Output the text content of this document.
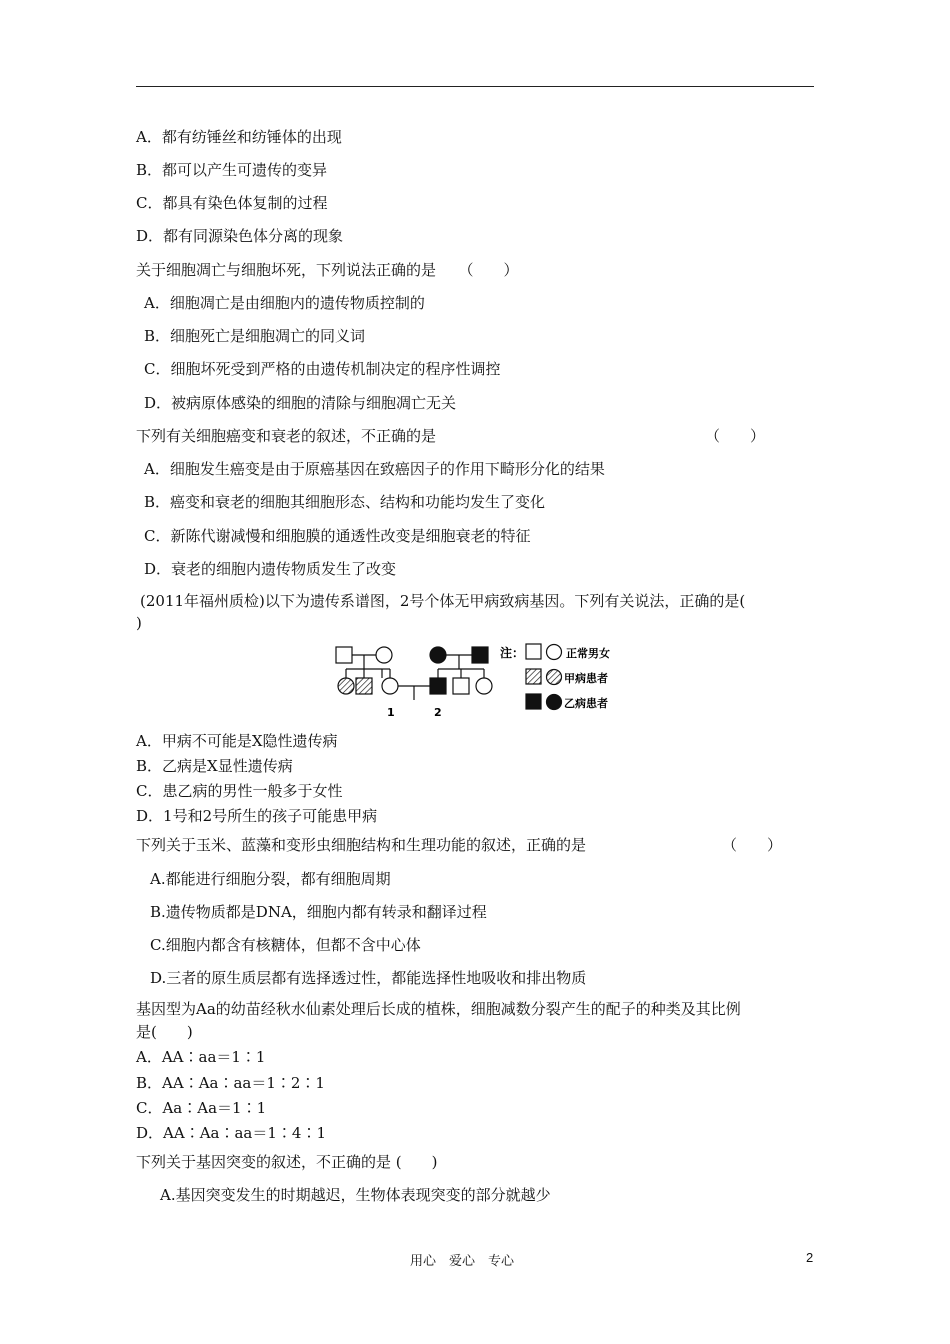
A．都有纺锤丝和纺锤体的出现
B．都可以产生可遗传的变异
C．都具有染色体复制的过程
D．都有同源染色体分离的现象
关于细胞凋亡与细胞坏死，下列说法正确的是　　（　　）
A．细胞凋亡是由细胞内的遗传物质控制的
B．细胞死亡是细胞凋亡的同义词
C．细胞坏死受到严格的由遗传机制决定的程序性调控
D．被病原体感染的细胞的清除与细胞凋亡无关
下列有关细胞癌变和衰老的叙述，不正确的是	（　　）
A．细胞发生癌变是由于原癌基因在致癌因子的作用下畸形分化的结果
B．癌变和衰老的细胞其细胞形态、结构和功能均发生了变化
C．新陈代谢减慢和细胞膜的通透性改变是细胞衰老的特征
D．衰老的细胞内遗传物质发生了改变
(2011年福州质检)以下为遗传系谱图，2号个体无甲病致病基因。下列有关说法，正确的是(
)
1	2
注：	正常男女
甲病患者
乙病患者
A．甲病不可能是X隐性遗传病
B．乙病是X显性遗传病
C．患乙病的男性一般多于女性
D．1号和2号所生的孩子可能患甲病
下列关于玉米、蓝藻和变形虫细胞结构和生理功能的叙述，正确的是	（　　）
A.都能进行细胞分裂，都有细胞周期
B.遗传物质都是DNA，细胞内都有转录和翻译过程
C.细胞内都含有核糖体，但都不含中心体
D.三者的原生质层都有选择透过性，都能选择性地吸收和排出物质
基因型为Aa的幼苗经秋水仙素处理后长成的植株，细胞减数分裂产生的配子的种类及其比例
是(　　)
A．AA∶aa＝1∶1
B．AA∶Aa∶aa＝1∶2∶1
C．Aa∶Aa＝1∶1
D．AA∶Aa∶aa＝1∶4∶1
下列关于基因突变的叙述，不正确的是 (　　)
A.基因突变发生的时期越迟，生物体表现突变的部分就越少
用心　爱心　专心	2
